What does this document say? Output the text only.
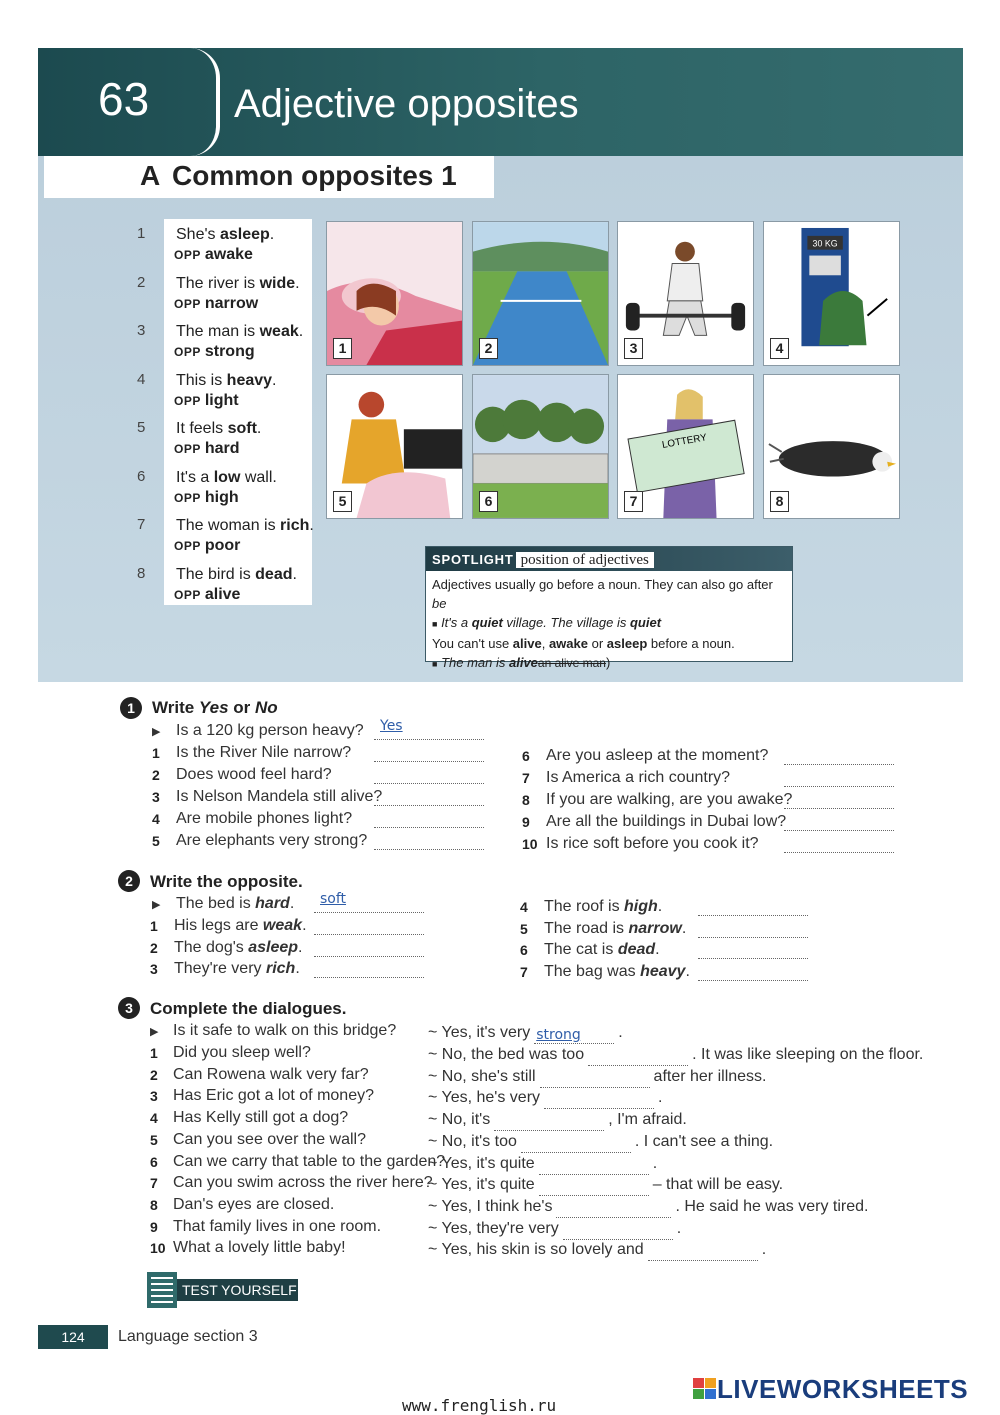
63 Adjective opposites
A Common opposites 1
1 She's asleep.
OPP awake
2 The river is wide.
OPP narrow
3 The man is weak.
OPP strong
4 This is heavy.
OPP light
5 It feels soft.
OPP hard
6 It's a low wall.
OPP high
7 The woman is rich.
OPP poor
8 The bird is dead.
OPP alive
1	2	3
30 KG
4
5	6
LOTTERY
7	8
SPOTLIGHT position of adjectives
Adjectives usually go before a noun. They can also go after be
■ It's a quiet village. The village is quiet
You can't use alive, awake or asleep before a noun.
■ The man is alivean alive man)
1	Write Yes or No
▶ Is a 120 kg person heavy? Yes
1 Is the River Nile narrow?
2 Does wood feel hard?
3 Is Nelson Mandela still alive?
4 Are mobile phones light?
5 Are elephants very strong?
6 Are you asleep at the moment?
7 Is America a rich country?
8 If you are walking, are you awake?
9 Are all the buildings in Dubai low?
10 Is rice soft before you cook it?
2	Write the opposite.
▶ The bed is hard. soft
1 His legs are weak.
2 The dog's asleep.
3 They're very rich.
4 The roof is high.
5 The road is narrow.
6 The cat is dead.
7 The bag was heavy.
3	Complete the dialogues.
▶ Is it safe to walk on this bridge? ~ Yes, it's very strong .
1 Did you sleep well?	~ No, the bed was too	. It was like sleeping on the floor.
2 Can Rowena walk very far?	~ No, she's still	after her illness.
3 Has Eric got a lot of money?	~ Yes, he's very	.
4 Has Kelly still got a dog?	~ No, it's	, I'm afraid.
5 Can you see over the wall?	~ No, it's too	. I can't see a thing.
6 Can we carry that table to the garden?
~ Yes, it's quite	.
7 Can you swim across the river here?
~ Yes, it's quite	– that will be easy.
8 Dan's eyes are closed.	~ Yes, I think he's	. He said he was very tired.
9 That family lives in one room.	~ Yes, they're very	.
10 What a lovely little baby!	~ Yes, his skin is so lovely and	.
TEST YOURSELF
124	Language section 3
www.frenglish.ru
LIVEWORKSHEETS
